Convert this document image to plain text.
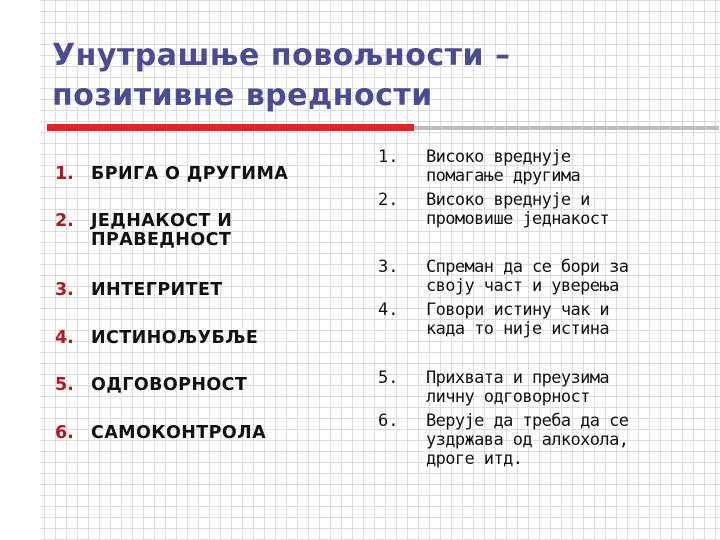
Унутрашње повољности –
позитивне вредности
1. БРИГА О ДРУГИМА
2. ЈЕДНАКОСТ И
ПРАВЕДНОСТ
3. ИНТЕГРИТЕТ
4. ИСТИНОЉУБЉЕ
5. ОДГОВОРНОСТ
6. САМОКОНТРОЛА
1.	Високо вреднује
помагање другима
2.	Високо вреднује и
промовише једнакост
3.	Спреман да се бори за
своју част и уверења
4.	Говори истину чак и
када то није истина
5.	Прихвата и преузима
личну одговорност
6.	Верује да треба да се
уздржава од алкохола,
дроге итд.
